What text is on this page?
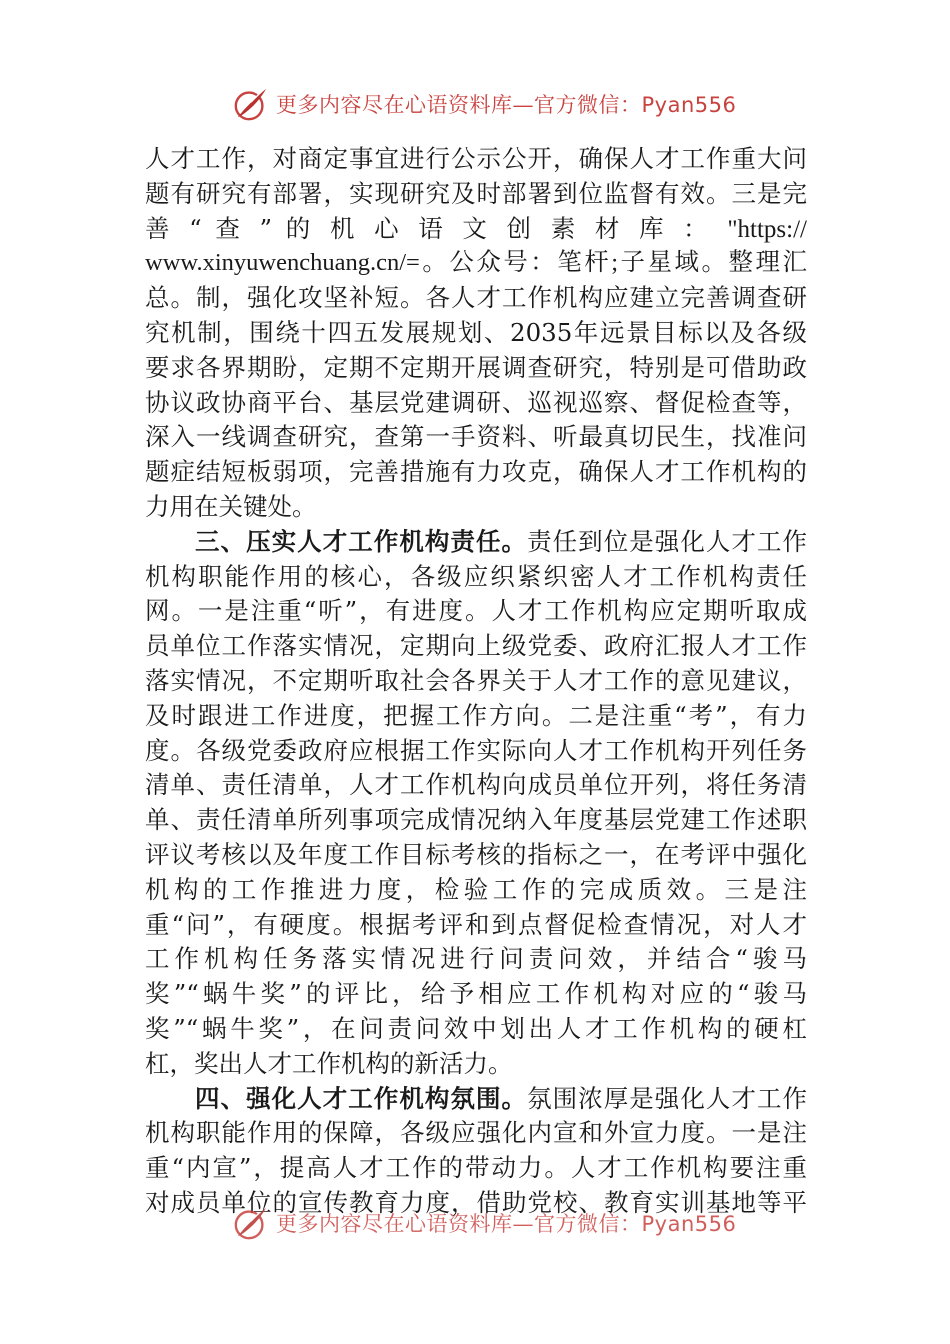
更多内容尽在心语资料库—官方微信：Pyan556
人才工作，对商定事宜进行公示公开，确保人才工作重大问
题有研究有部署，实现研究及时部署到位监督有效。三是完
善 “ 查 ” 的 机 心 语 文 创 素 材 库 ： "https://
www.xinyuwenchuang.cn/=。公众号：笔杆;子星域。整理汇
总。制，强化攻坚补短。各人才工作机构应建立完善调查研
究机制，围绕十四五发展规划、2035年远景目标以及各级
要求各界期盼，定期不定期开展调查研究，特别是可借助政
协议政协商平台、基层党建调研、巡视巡察、督促检查等，
深入一线调查研究，查第一手资料、听最真切民生，找准问
题症结短板弱项，完善措施有力攻克，确保人才工作机构的
力用在关键处。
三、压实人才工作机构责任。责任到位是强化人才工作
机构职能作用的核心，各级应织紧织密人才工作机构责任
网。一是注重“听”，有进度。人才工作机构应定期听取成
员单位工作落实情况，定期向上级党委、政府汇报人才工作
落实情况，不定期听取社会各界关于人才工作的意见建议，
及时跟进工作进度，把握工作方向。二是注重“考”，有力
度。各级党委政府应根据工作实际向人才工作机构开列任务
清单、责任清单，人才工作机构向成员单位开列，将任务清
单、责任清单所列事项完成情况纳入年度基层党建工作述职
评议考核以及年度工作目标考核的指标之一，在考评中强化
机构的工作推进力度，检验工作的完成质效。三是注
重“问”，有硬度。根据考评和到点督促检查情况，对人才
工作机构任务落实情况进行问责问效，并结合“骏马
奖”“蜗牛奖”的评比，给予相应工作机构对应的“骏马
奖”“蜗牛奖”，在问责问效中划出人才工作机构的硬杠
杠，奖出人才工作机构的新活力。
四、强化人才工作机构氛围。氛围浓厚是强化人才工作
机构职能作用的保障，各级应强化内宣和外宣力度。一是注
重“内宣”，提高人才工作的带动力。人才工作机构要注重
对成员单位的宣传教育力度，借助党校、教育实训基地等平
更多内容尽在心语资料库—官方微信：Pyan556
